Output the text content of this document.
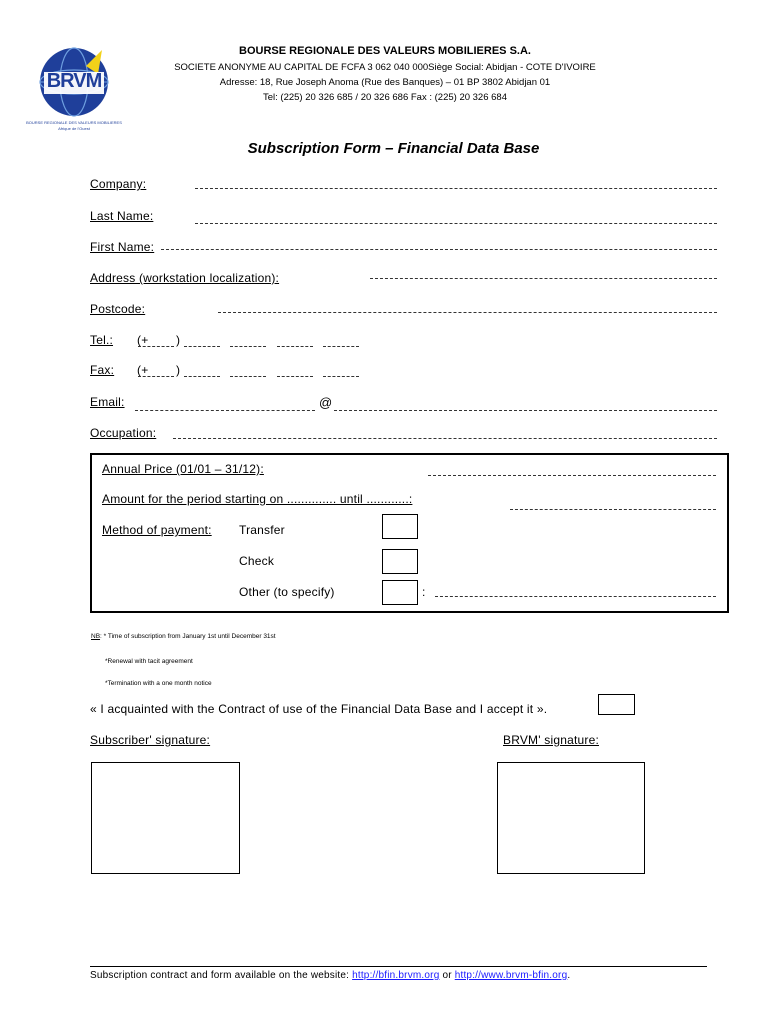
BRVM
BOURSE REGIONALE DES VALEURS MOBILIERES
Afrique de l'Ouest
BOURSE REGIONALE DES VALEURS MOBILIERES S.A.
SOCIETE ANONYME AU CAPITAL DE FCFA 3 062 040 000Siège Social: Abidjan - COTE D'IVOIRE
Adresse: 18, Rue Joseph Anoma (Rue des Banques) – 01 BP 3802 Abidjan 01
Tel: (225) 20 326 685 / 20 326 686 Fax : (225) 20 326 684
Subscription Form – Financial Data Base
Company:
Last Name:
First Name:
Address (workstation localization):
Postcode:
Tel.: (+ )
Fax: (+ )
Email:	@
Occupation:
Annual Price (01/01 – 31/12):
Amount for the period starting on .............. until ............:
Method of payment: Transfer
Check
Other (to specify)	:
NB: * Time of subscription from January 1st until December 31st
*Renewal with tacit agreement
*Termination with a one month notice
« I acquainted with the Contract of use of the Financial Data Base and I accept it ».
Subscriber' signature:	BRVM' signature:
Subscription contract and form available on the website: http://bfin.brvm.org or http://www.brvm-bfin.org.
